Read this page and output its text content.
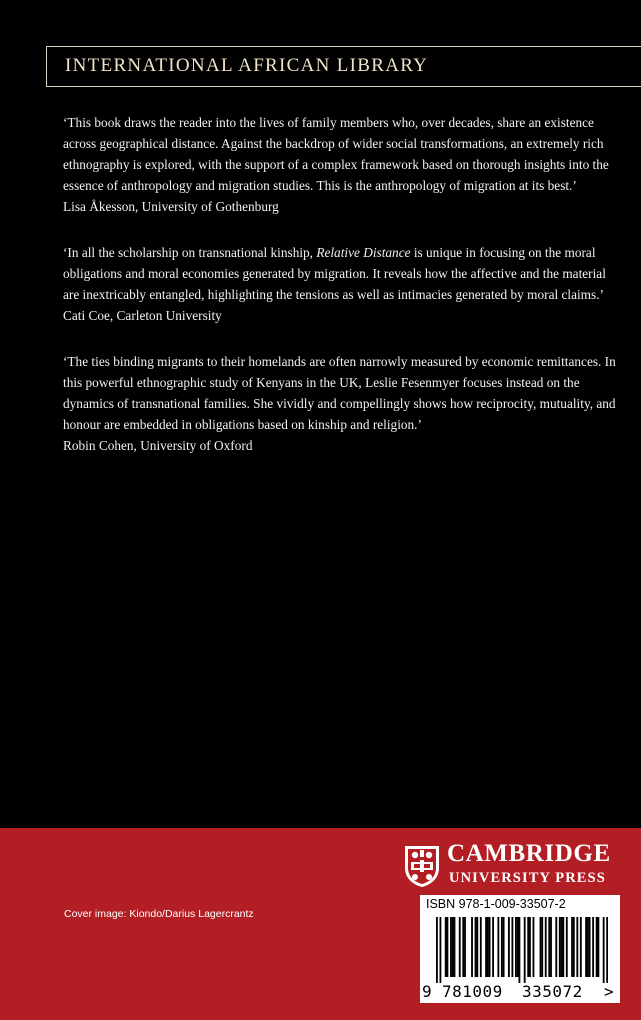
INTERNATIONAL AFRICAN LIBRARY
‘This book draws the reader into the lives of family members who, over decades, share an existence across geographical distance. Against the backdrop of wider social transformations, an extremely rich ethnography is explored, with the support of a complex framework based on thorough insights into the essence of anthropology and migration studies. This is the anthropology of migration at its best.’
Lisa Åkesson, University of Gothenburg
‘In all the scholarship on transnational kinship, Relative Distance is unique in focusing on the moral obligations and moral economies generated by migration. It reveals how the affective and the material are inextricably entangled, highlighting the tensions as well as intimacies generated by moral claims.’
Cati Coe, Carleton University
‘The ties binding migrants to their homelands are often narrowly measured by economic remittances. In this powerful ethnographic study of Kenyans in the UK, Leslie Fesenmyer focuses instead on the dynamics of transnational families. She vividly and compellingly shows how reciprocity, mutuality, and honour are embedded in obligations based on kinship and religion.’
Robin Cohen, University of Oxford
CAMBRIDGE
UNIVERSITY PRESS
Cover image: Kiondo/Darius Lagercrantz
ISBN 978-1-009-33507-2
9 781009 335072 >
